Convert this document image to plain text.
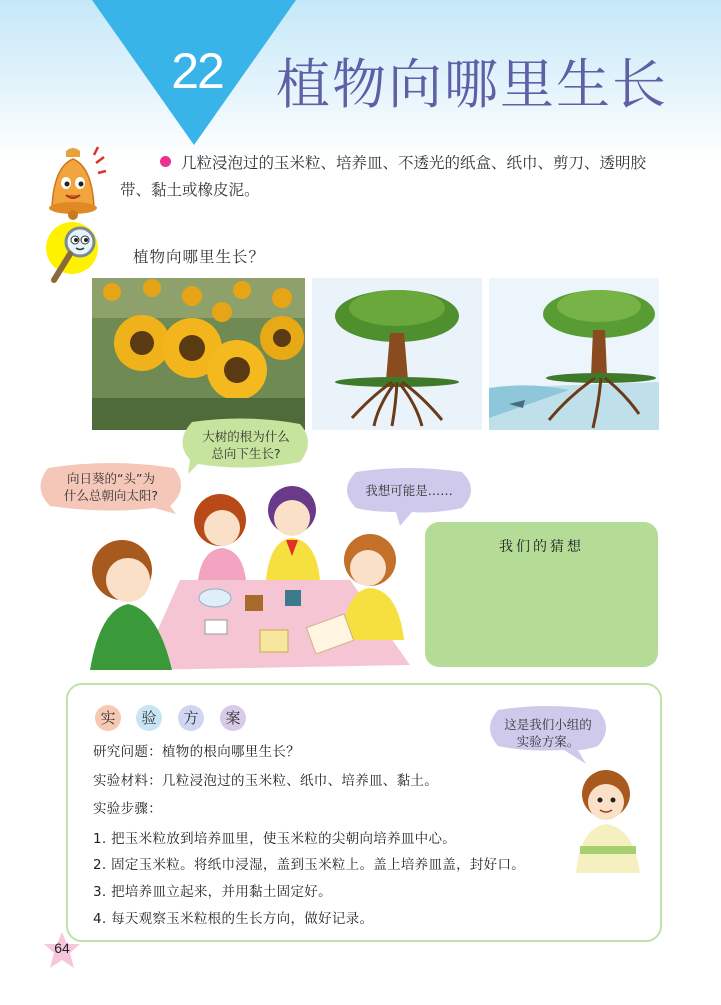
22 植物向哪里生长
几粒浸泡过的玉米粒、培养皿、不透光的纸盒、纸巾、剪刀、透明胶带、黏土或橡皮泥。
植物向哪里生长？
大树的根为什么
总向下生长?
向日葵的“头”为
什么总朝向太阳?	我想可能是……
我们的猜想
实	验	方	案	这是我们小组的
实验方案。
研究问题：植物的根向哪里生长？
实验材料：几粒浸泡过的玉米粒、纸巾、培养皿、黏土。
实验步骤：
1. 把玉米粒放到培养皿里，使玉米粒的尖朝向培养皿中心。
2. 固定玉米粒。将纸巾浸湿，盖到玉米粒上。盖上培养皿盖，封好口。
3. 把培养皿立起来，并用黏土固定好。
4. 每天观察玉米粒根的生长方向，做好记录。
64
